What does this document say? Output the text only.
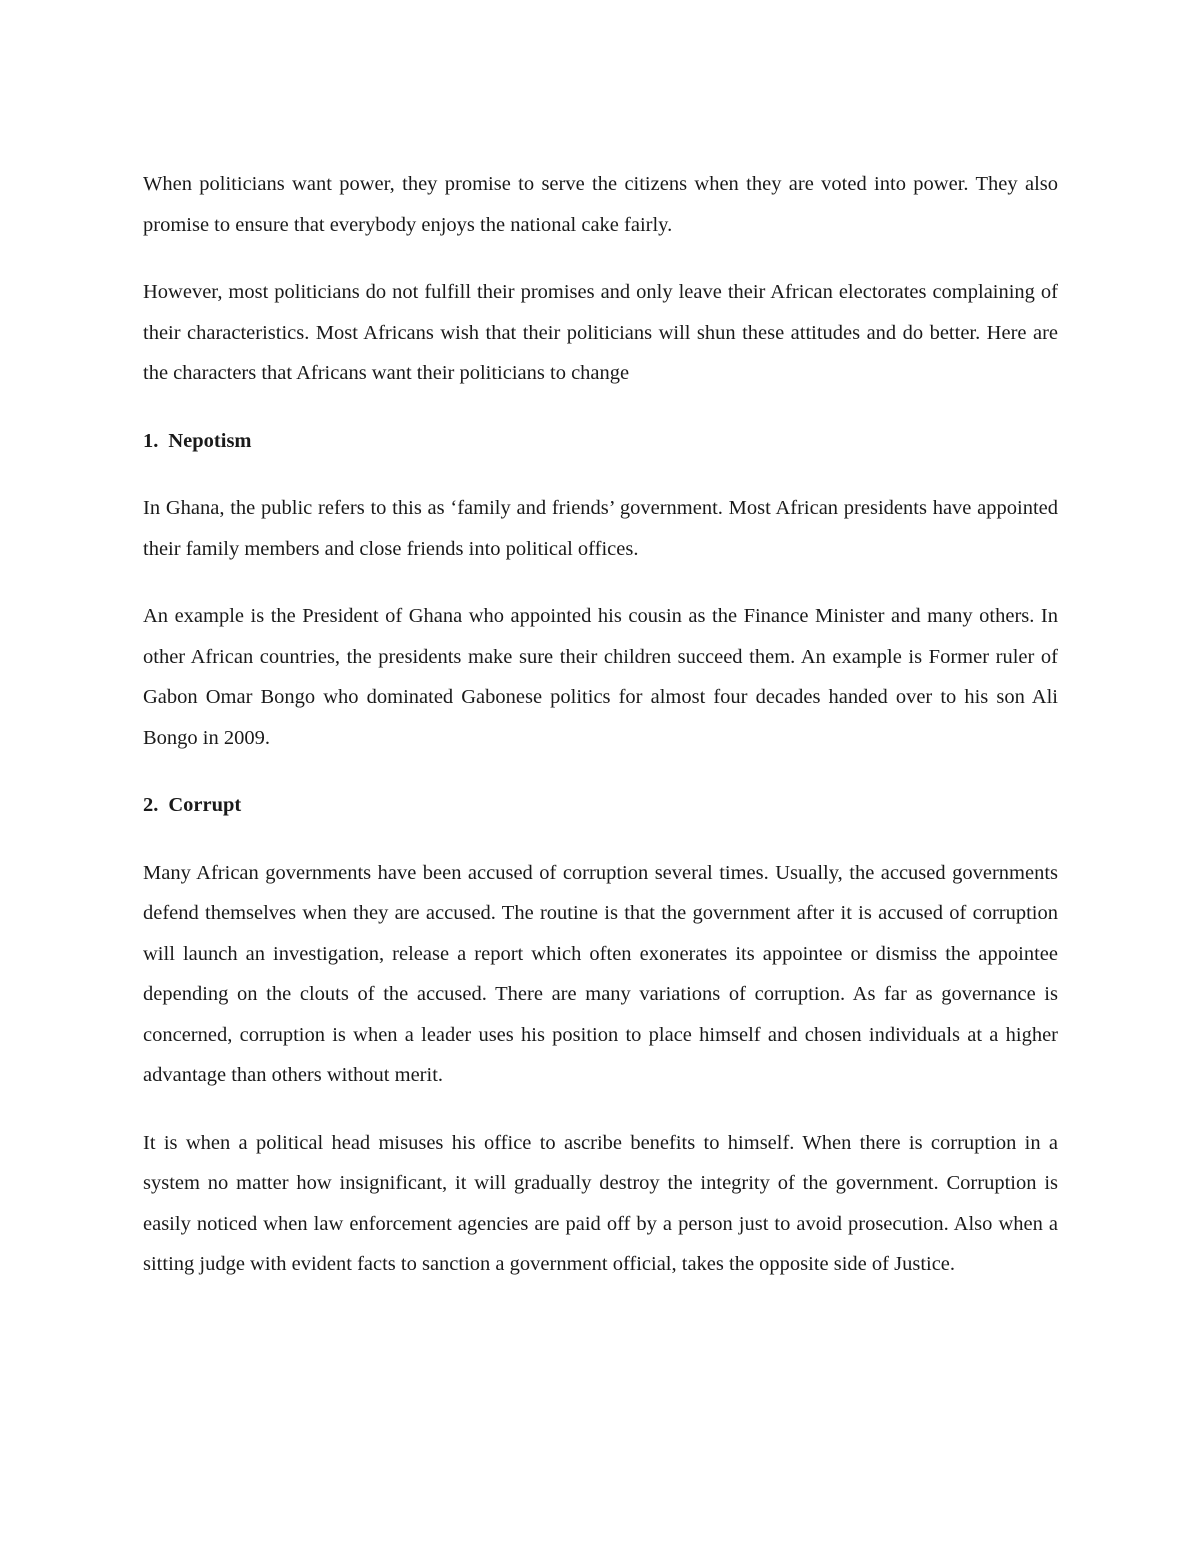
When politicians want power, they promise to serve the citizens when they are voted into power. They also promise to ensure that everybody enjoys the national cake fairly.

However, most politicians do not fulfill their promises and only leave their African electorates complaining of their characteristics. Most Africans wish that their politicians will shun these attitudes and do better. Here are the characters that Africans want their politicians to change

1. Nepotism

In Ghana, the public refers to this as ‘family and friends’ government. Most African presidents have appointed their family members and close friends into political offices.

An example is the President of Ghana who appointed his cousin as the Finance Minister and many others. In other African countries, the presidents make sure their children succeed them. An example is Former ruler of Gabon Omar Bongo who dominated Gabonese politics for almost four decades handed over to his son Ali Bongo in 2009.

2. Corrupt

Many African governments have been accused of corruption several times. Usually, the accused governments defend themselves when they are accused. The routine is that the government after it is accused of corruption will launch an investigation, release a report which often exonerates its appointee or dismiss the appointee depending on the clouts of the accused. There are many variations of corruption. As far as governance is concerned, corruption is when a leader uses his position to place himself and chosen individuals at a higher advantage than others without merit.

It is when a political head misuses his office to ascribe benefits to himself. When there is corruption in a system no matter how insignificant, it will gradually destroy the integrity of the government. Corruption is easily noticed when law enforcement agencies are paid off by a person just to avoid prosecution. Also when a sitting judge with evident facts to sanction a government official, takes the opposite side of Justice.
